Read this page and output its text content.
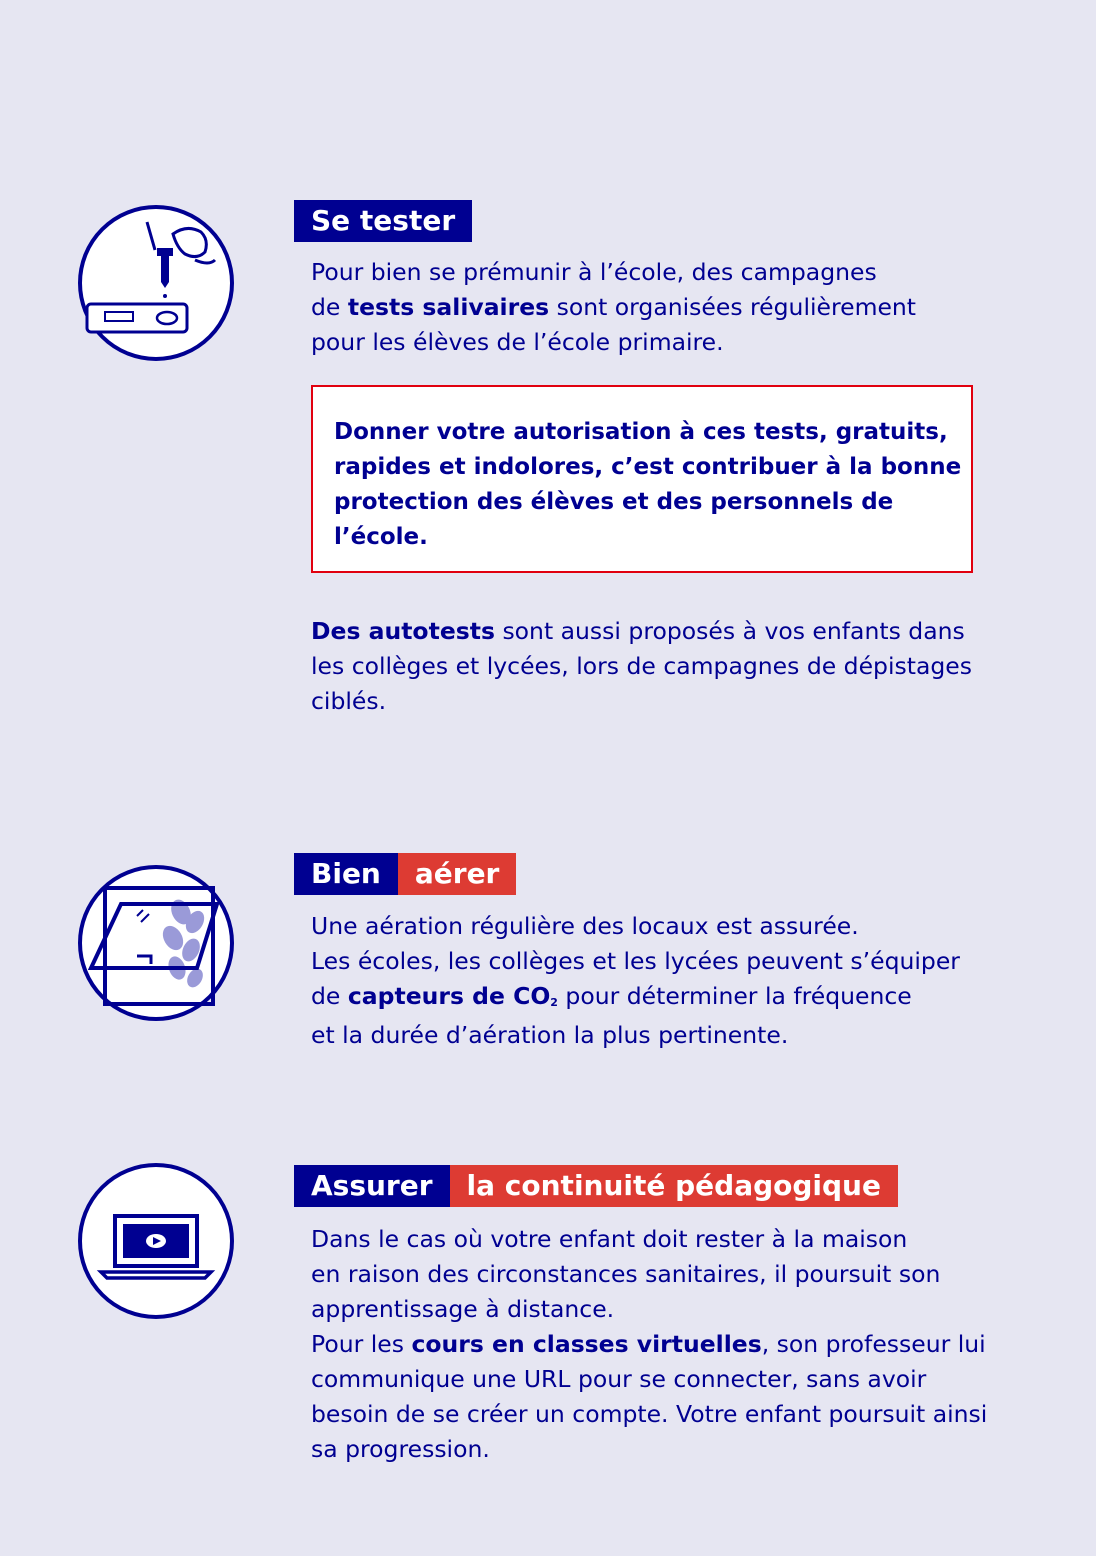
Se tester

Pour bien se prémunir à l’école, des campagnes
de tests salivaires sont organisées régulièrement
pour les élèves de l’école primaire.

Donner votre autorisation à ces tests, gratuits,
rapides et indolores, c’est contribuer à la bonne
protection des élèves et des personnels de
l’école.

Des autotests sont aussi proposés à vos enfants dans
les collèges et lycées, lors de campagnes de dépistages
ciblés.

Bien	aérer

Une aération régulière des locaux est assurée.
Les écoles, les collèges et les lycées peuvent s’équiper
de capteurs de $CO_2$ pour déterminer la fréquence
et la durée d’aération la plus pertinente.

Assurer	la continuité pédagogique

Dans le cas où votre enfant doit rester à la maison
en raison des circonstances sanitaires, il poursuit son
apprentissage à distance.
Pour les cours en classes virtuelles, son professeur lui
communique une URL pour se connecter, sans avoir
besoin de se créer un compte. Votre enfant poursuit ainsi
sa progression.
